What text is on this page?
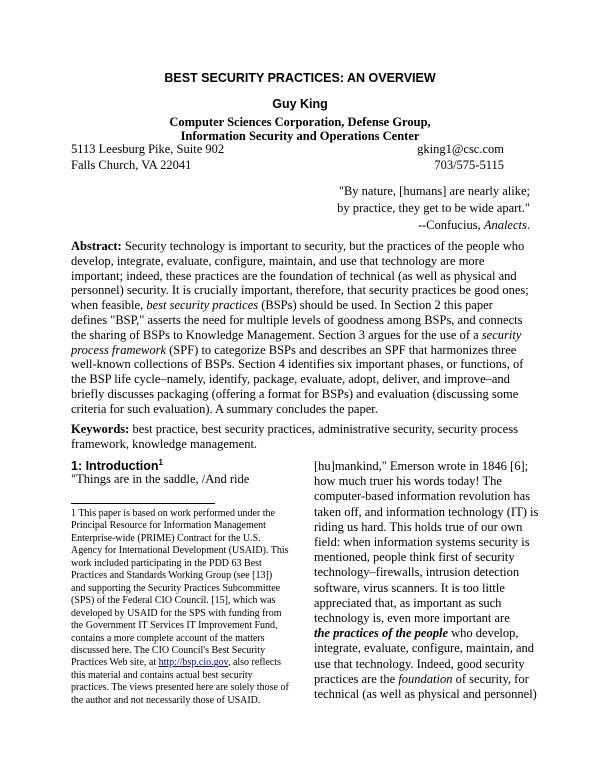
BEST SECURITY PRACTICES: AN OVERVIEW
Guy King
Computer Sciences Corporation, Defense Group,
Information Security and Operations Center
5113 Leesburg Pike, Suite 902
Falls Church, VA 22041
gking1@csc.com
703/575-5115
"By nature, [humans] are nearly alike;
by practice, they get to be wide apart."
--Confucius, Analects.
Abstract: Security technology is important to security, but the practices of the people who develop, integrate, evaluate, configure, maintain, and use that technology are more important; indeed, these practices are the foundation of technical (as well as physical and personnel) security. It is crucially important, therefore, that security practices be good ones; when feasible, best security practices (BSPs) should be used. In Section 2 this paper defines "BSP," asserts the need for multiple levels of goodness among BSPs, and connects the sharing of BSPs to Knowledge Management. Section 3 argues for the use of a security process framework (SPF) to categorize BSPs and describes an SPF that harmonizes three well-known collections of BSPs. Section 4 identifies six important phases, or functions, of the BSP life cycle–namely, identify, package, evaluate, adopt, deliver, and improve–and briefly discusses packaging (offering a format for BSPs) and evaluation (discussing some criteria for such evaluation). A summary concludes the paper.
Keywords: best practice, best security practices, administrative security, security process framework, knowledge management.
1: Introduction$^1$
"Things are in the saddle, /And ride
1 This paper is based on work performed under the Principal Resource for Information Management Enterprise-wide (PRIME) Contract for the U.S. Agency for International Development (USAID). This work included participating in the PDD 63 Best Practices and Standards Working Group (see [13]) and supporting the Security Practices Subcommittee (SPS) of the Federal CIO Council. [15], which was developed by USAID for the SPS with funding from the Government IT Services IT Improvement Fund, contains a more complete account of the matters discussed here. The CIO Council's Best Security Practices Web site, at http://bsp.cio.gov, also reflects this material and contains actual best security practices. The views presented here are solely those of the author and not necessarily those of USAID.
[hu]mankind," Emerson wrote in 1846 [6];
how much truer his words today! The
computer-based information revolution has
taken off, and information technology (IT) is
riding us hard. This holds true of our own
field: when information systems security is
mentioned, people think first of security
technology–firewalls, intrusion detection
software, virus scanners. It is too little
appreciated that, as important as such
technology is, even more important are
the practices of the people who develop,
integrate, evaluate, configure, maintain, and
use that technology. Indeed, good security
practices are the foundation of security, for
technical (as well as physical and personnel)
